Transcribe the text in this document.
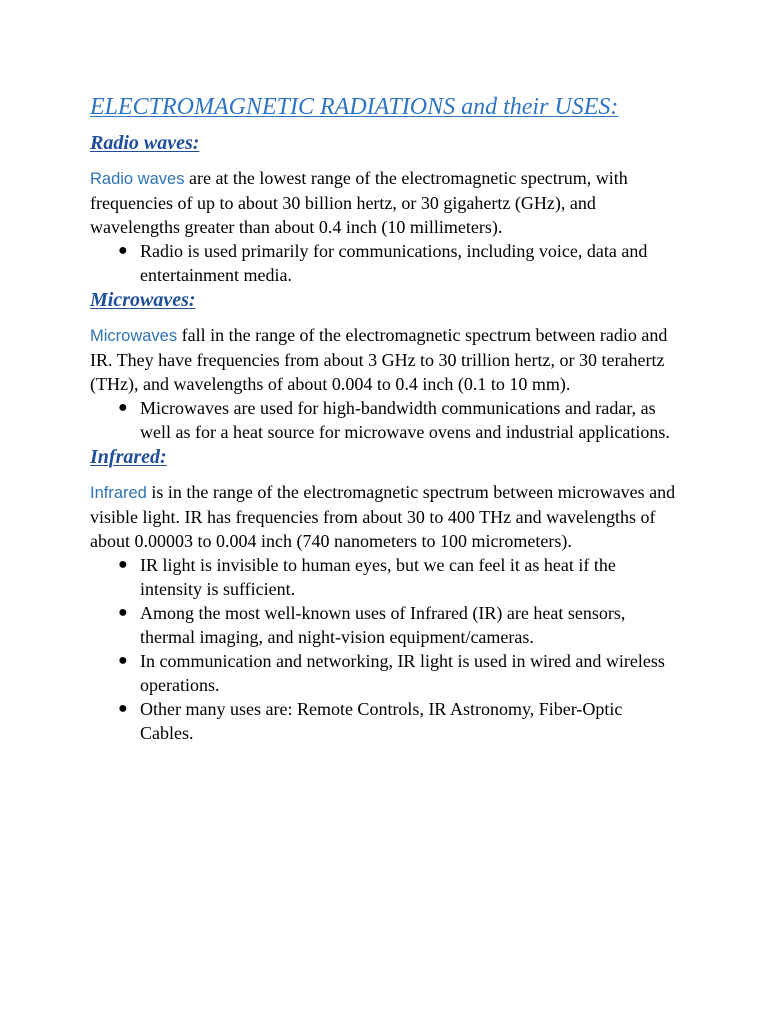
ELECTROMAGNETIC RADIATIONS and their USES:
Radio waves:

Radio waves are at the lowest range of the electromagnetic spectrum, with frequencies of up to about 30 billion hertz, or 30 gigahertz (GHz), and wavelengths greater than about 0.4 inch (10 millimeters).

● Radio is used primarily for communications, including voice, data and entertainment media.
Microwaves:

Microwaves fall in the range of the electromagnetic spectrum between radio and IR. They have frequencies from about 3 GHz to 30 trillion hertz, or 30 terahertz (THz), and wavelengths of about 0.004 to 0.4 inch (0.1 to 10 mm).

● Microwaves are used for high-bandwidth communications and radar, as well as for a heat source for microwave ovens and industrial applications.
Infrared:

Infrared is in the range of the electromagnetic spectrum between microwaves and visible light. IR has frequencies from about 30 to 400 THz and wavelengths of about 0.00003 to 0.004 inch (740 nanometers to 100 micrometers).

● IR light is invisible to human eyes, but we can feel it as heat if the intensity is sufficient.
● Among the most well-known uses of Infrared (IR) are heat sensors, thermal imaging, and night-vision equipment/cameras.
● In communication and networking, IR light is used in wired and wireless operations.
● Other many uses are: Remote Controls, IR Astronomy, Fiber-Optic Cables.
